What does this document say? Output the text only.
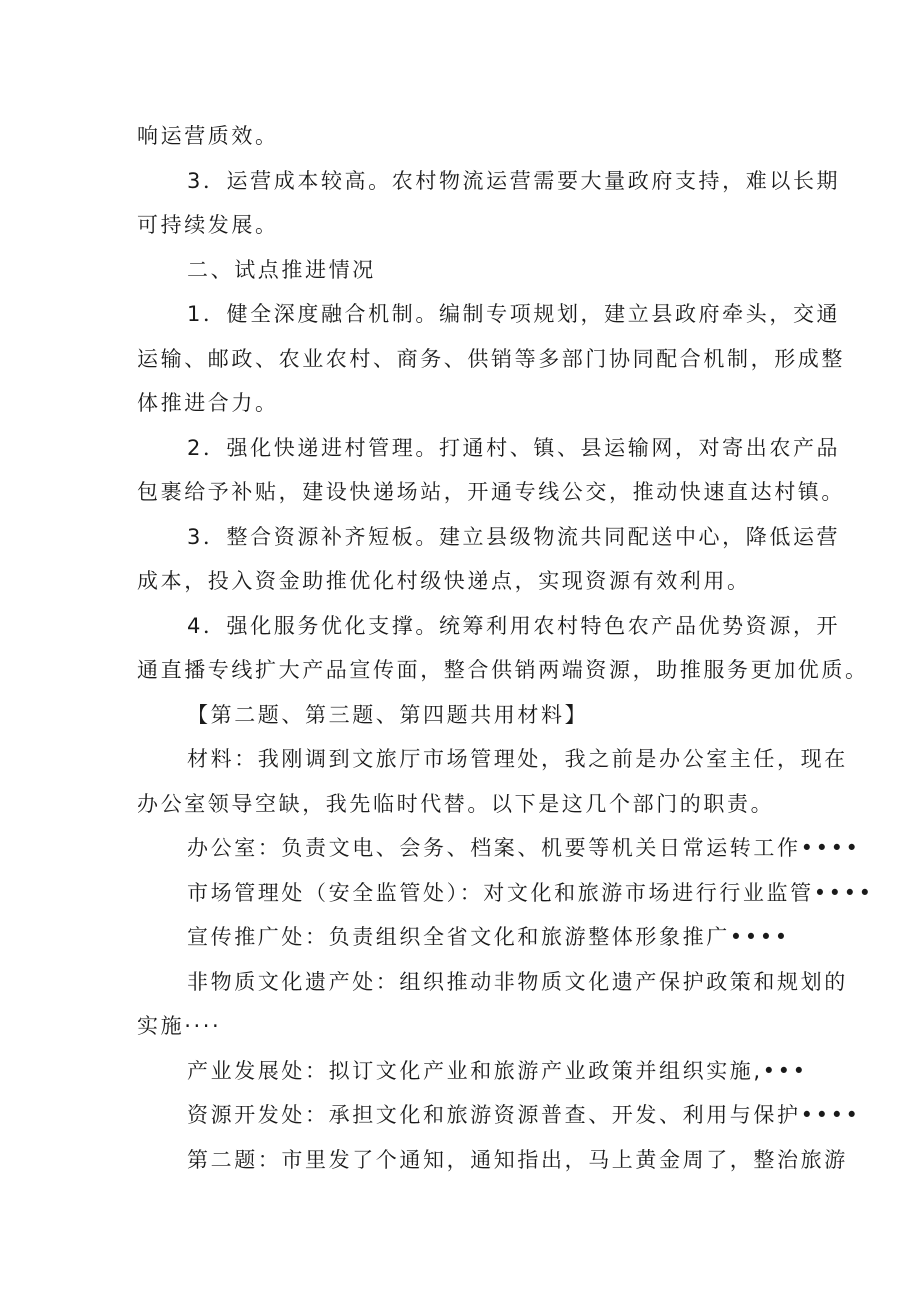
响运营质效。

3．运营成本较高。农村物流运营需要大量政府支持，难以长期

可持续发展。

二、试点推进情况

1．健全深度融合机制。编制专项规划，建立县政府牵头，交通

运输、邮政、农业农村、商务、供销等多部门协同配合机制，形成整

体推进合力。

2．强化快递进村管理。打通村、镇、县运输网，对寄出农产品

包裹给予补贴，建设快递场站，开通专线公交，推动快速直达村镇。

3．整合资源补齐短板。建立县级物流共同配送中心，降低运营

成本，投入资金助推优化村级快递点，实现资源有效利用。

4．强化服务优化支撑。统筹利用农村特色农产品优势资源，开

通直播专线扩大产品宣传面，整合供销两端资源，助推服务更加优质。

【第二题、第三题、第四题共用材料】

材料：我刚调到文旅厅市场管理处，我之前是办公室主任，现在

办公室领导空缺，我先临时代替。以下是这几个部门的职责。

办公室：负责文电、会务、档案、机要等机关日常运转工作••••

市场管理处（安全监管处）：对文化和旅游市场进行行业监管••••

宣传推广处：负责组织全省文化和旅游整体形象推广••••

非物质文化遗产处：组织推动非物质文化遗产保护政策和规划的

实施····

产业发展处：拟订文化产业和旅游产业政策并组织实施,•••

资源开发处：承担文化和旅游资源普查、开发、利用与保护••••

第二题：市里发了个通知，通知指出，马上黄金周了，整治旅游
